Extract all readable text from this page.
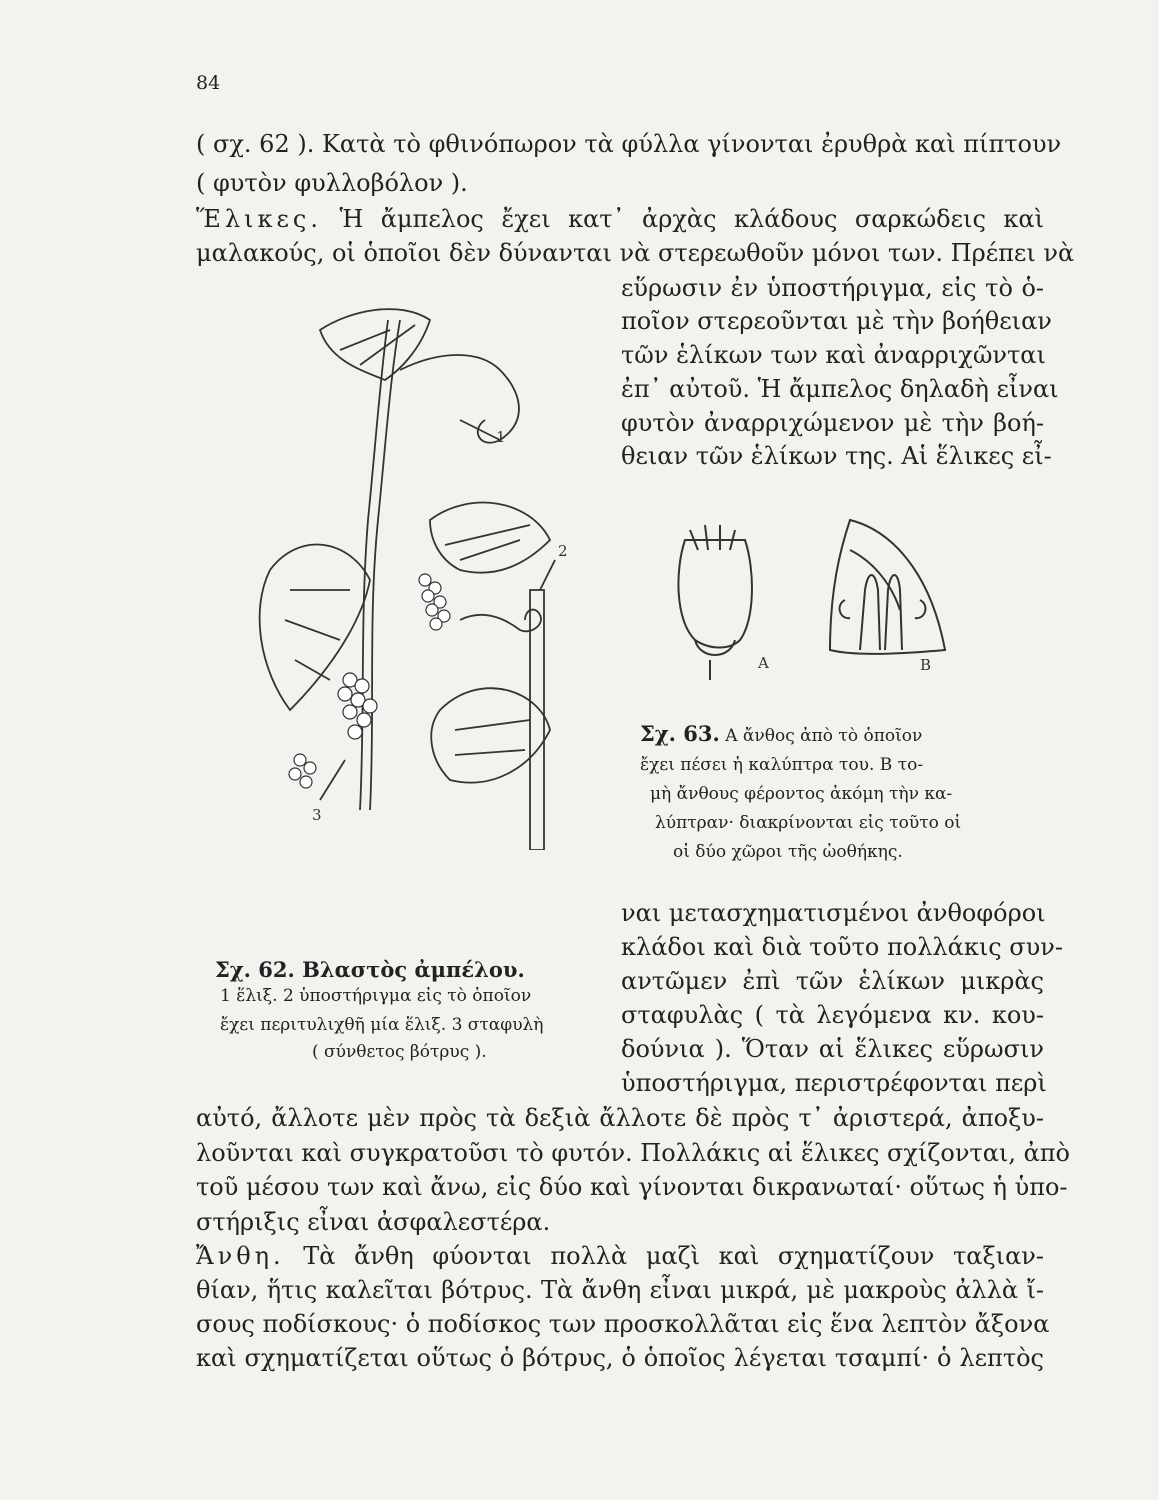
84
( σχ. 62 ). Κατὰ τὸ φθινόπωρον τὰ φύλλα γίνονται ἐρυθρὰ καὶ πίπτουν
( φυτὸν φυλλοβόλον ).
Ἕλικες. Ἡ ἄμπελος ἔχει κατ᾽ ἀρχὰς κλάδους σαρκώδεις καὶ
μαλακούς, οἱ ὁποῖοι δὲν δύνανται νὰ στερεωθοῦν μόνοι των. Πρέπει νὰ
εὕρωσιν ἐν ὑποστήριγμα, εἰς τὸ ὁ-
ποῖον στερεοῦνται μὲ τὴν βοήθειαν
τῶν ἑλίκων των καὶ ἀναρριχῶνται
ἐπ᾽ αὐτοῦ. Ἡ ἄμπελος δηλαδὴ εἶναι
φυτὸν ἀναρριχώμενον μὲ τὴν βοή-
θειαν τῶν ἑλίκων της. Αἱ ἕλικες εἶ-
1
2
3
Α	Β
Σχ. 63. Α ἄνθος ἀπὸ τὸ ὁποῖον
ἔχει πέσει ἡ καλύπτρα του. Β το-
μὴ ἄνθους φέροντος ἀκόμη τὴν κα-
λύπτραν· διακρίνονται εἰς τοῦτο οἱ
οἱ δύο χῶροι τῆς ὠοθήκης.
Σχ. 62. Βλαστὸς ἀμπέλου.
1 ἕλιξ. 2 ὑποστήριγμα εἰς τὸ ὁποῖον
ἔχει περιτυλιχθῆ μία ἕλιξ. 3 σταφυλὴ
( σύνθετος βότρυς ).
ναι μετασχηματισμένοι ἀνθοφόροι
κλάδοι καὶ διὰ τοῦτο πολλάκις συν-
αντῶμεν ἐπὶ τῶν ἑλίκων μικρὰς
σταφυλὰς ( τὰ λεγόμενα κν. κου-
δούνια ). Ὅταν αἱ ἕλικες εὕρωσιν
ὑποστήριγμα, περιστρέφονται περὶ
αὐτό, ἄλλοτε μὲν πρὸς τὰ δεξιὰ ἄλλοτε δὲ πρὸς τ᾽ ἀριστερά, ἀποξυ-
λοῦνται καὶ συγκρατοῦσι τὸ φυτόν. Πολλάκις αἱ ἕλικες σχίζονται, ἀπὸ
τοῦ μέσου των καὶ ἄνω, εἰς δύο καὶ γίνονται δικρανωταί· οὕτως ἡ ὑπο-
στήριξις εἶναι ἀσφαλεστέρα.
Ἄνθη. Τὰ ἄνθη φύονται πολλὰ μαζὶ καὶ σχηματίζουν ταξιαν-
θίαν, ἥτις καλεῖται βότρυς. Τὰ ἄνθη εἶναι μικρά, μὲ μακροὺς ἀλλὰ ἴ-
σους ποδίσκους· ὁ ποδίσκος των προσκολλᾶται εἰς ἕνα λεπτὸν ἄξονα
καὶ σχηματίζεται οὕτως ὁ βότρυς, ὁ ὁποῖος λέγεται τσαμπί· ὁ λεπτὸς
